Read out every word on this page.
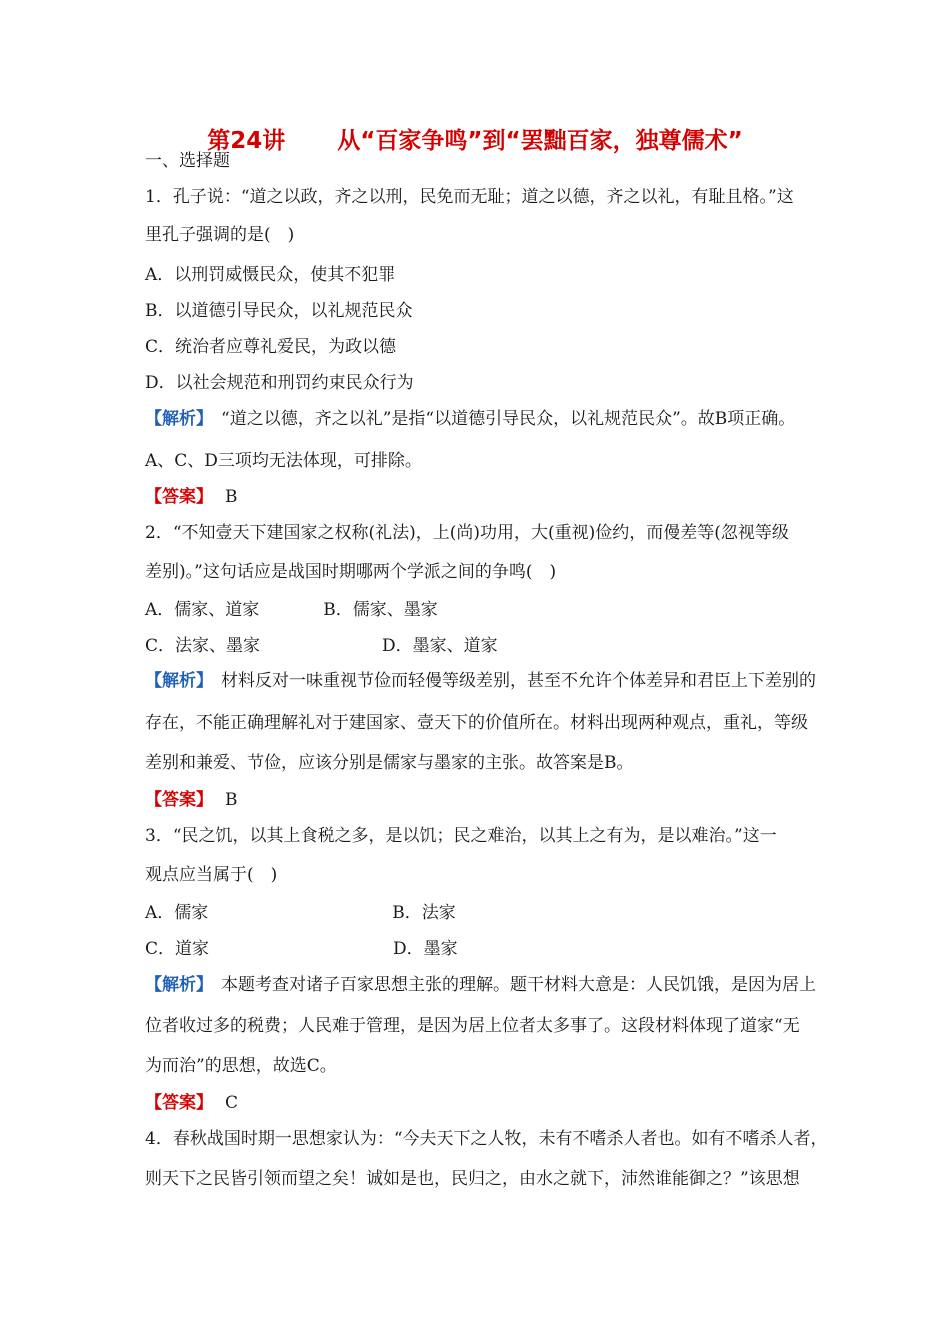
第24讲 从“百家争鸣”到“罢黜百家，独尊儒术”
一、选择题
1．孔子说：“道之以政，齐之以刑，民免而无耻；道之以德，齐之以礼，有耻且格。”这
里孔子强调的是(　)
A．以刑罚威慑民众，使其不犯罪
B．以道德引导民众，以礼规范民众
C．统治者应尊礼爱民，为政以德
D．以社会规范和刑罚约束民众行为
【解析】 “道之以德，齐之以礼”是指“以道德引导民众，以礼规范民众”。故B项正确。
A、C、D三项均无法体现，可排除。
【答案】 B
2．“不知壹天下建国家之权称(礼法)，上(尚)功用，大(重视)俭约，而僈差等(忽视等级
差别)。”这句话应是战国时期哪两个学派之间的争鸣(　)
A．儒家、道家	B．儒家、墨家
C．法家、墨家	D．墨家、道家
【解析】 材料反对一味重视节俭而轻僈等级差别，甚至不允许个体差异和君臣上下差别的
存在，不能正确理解礼对于建国家、壹天下的价值所在。材料出现两种观点，重礼，等级
差别和兼爱、节俭，应该分别是儒家与墨家的主张。故答案是B。
【答案】 B
3．“民之饥，以其上食税之多，是以饥；民之难治，以其上之有为，是以难治。”这一
观点应当属于(　)
A．儒家	B．法家
C．道家	D．墨家
【解析】 本题考查对诸子百家思想主张的理解。题干材料大意是：人民饥饿，是因为居上
位者收过多的税费；人民难于管理，是因为居上位者太多事了。这段材料体现了道家“无
为而治”的思想，故选C。
【答案】 C
4．春秋战国时期一思想家认为：“今夫天下之人牧，未有不嗜杀人者也。如有不嗜杀人者，
则天下之民皆引领而望之矣！诚如是也，民归之，由水之就下，沛然谁能御之？”该思想
